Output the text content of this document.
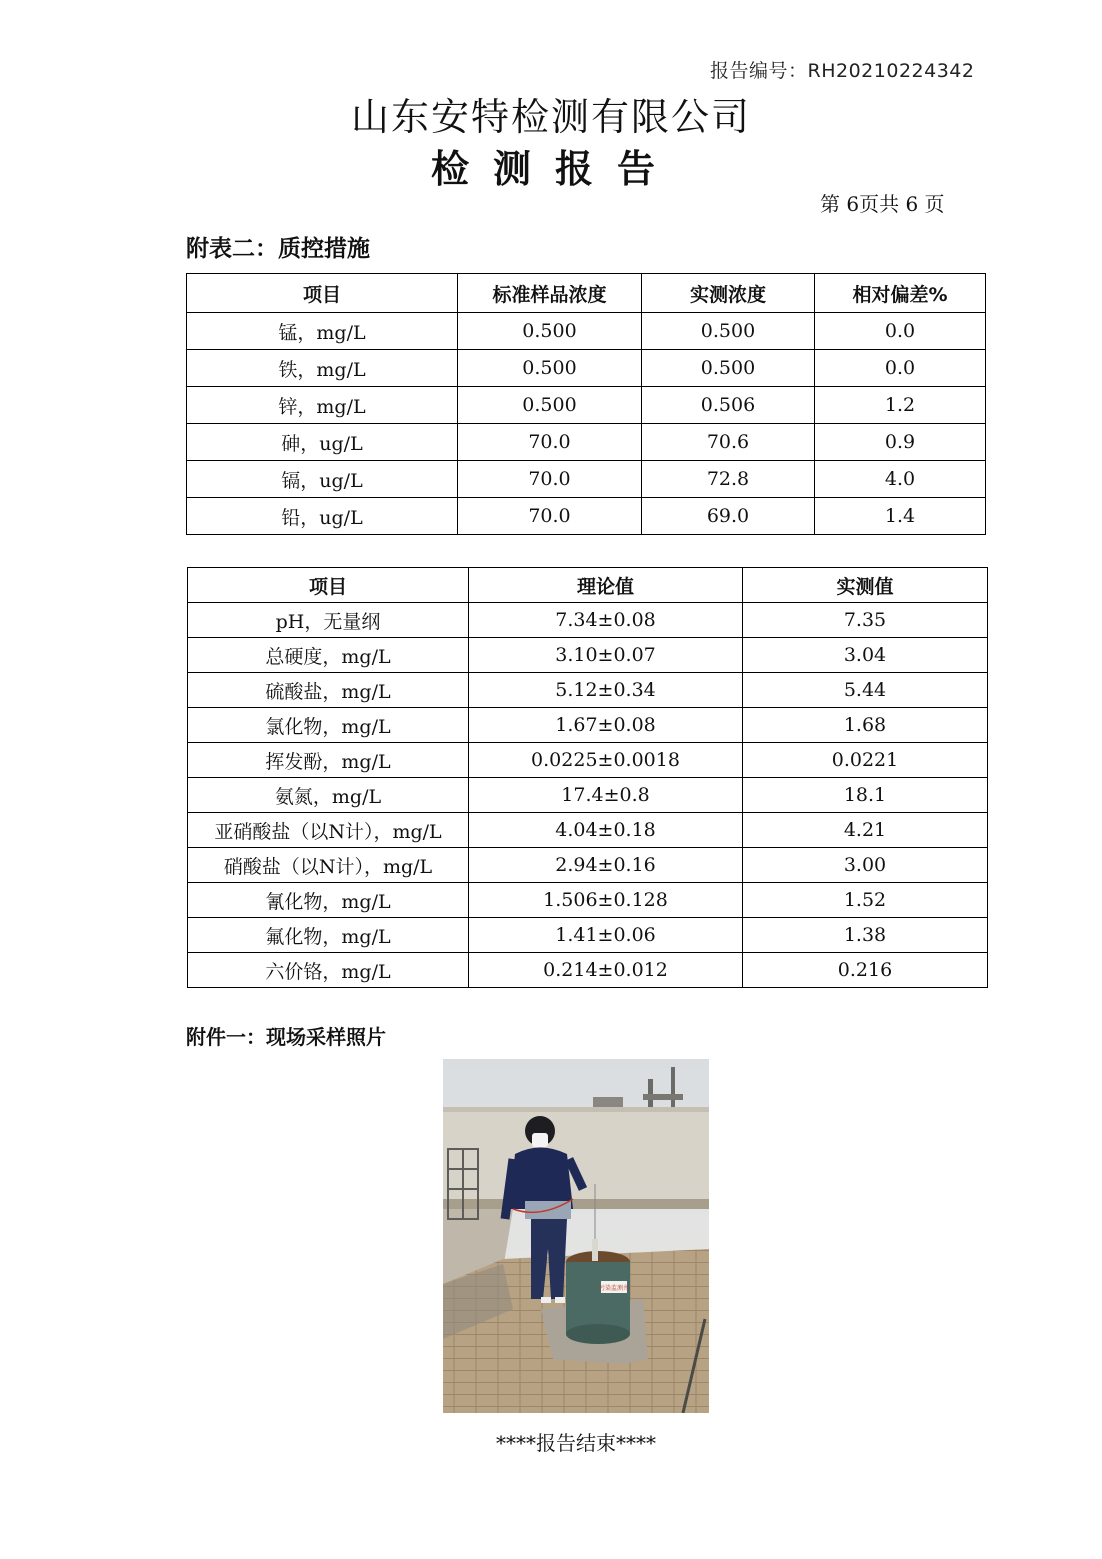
报告编号：RH20210224342
山东安特检测有限公司
检测报告
第 6页共 6 页
附表二：质控措施
项目	标准样品浓度	实测浓度	相对偏差%
锰，mg/L	0.500	0.500	0.0
铁，mg/L	0.500	0.500	0.0
锌，mg/L	0.500	0.506	1.2
砷，ug/L	70.0	70.6	0.9
镉，ug/L	70.0	72.8	4.0
铅，ug/L	70.0	69.0	1.4
项目	理论值	实测值
pH，无量纲	7.34±0.08	7.35
总硬度，mg/L	3.10±0.07	3.04
硫酸盐，mg/L	5.12±0.34	5.44
氯化物，mg/L	1.67±0.08	1.68
挥发酚，mg/L	0.0225±0.0018	0.0221
氨氮，mg/L	17.4±0.8	18.1
亚硝酸盐（以N计），mg/L	4.04±0.18	4.21
硝酸盐（以N计），mg/L	2.94±0.16	3.00
氰化物，mg/L	1.506±0.128	1.52
氟化物，mg/L	1.41±0.06	1.38
六价铬，mg/L	0.214±0.012	0.216
附件一：现场采样照片
污染监测井
****报告结束****
